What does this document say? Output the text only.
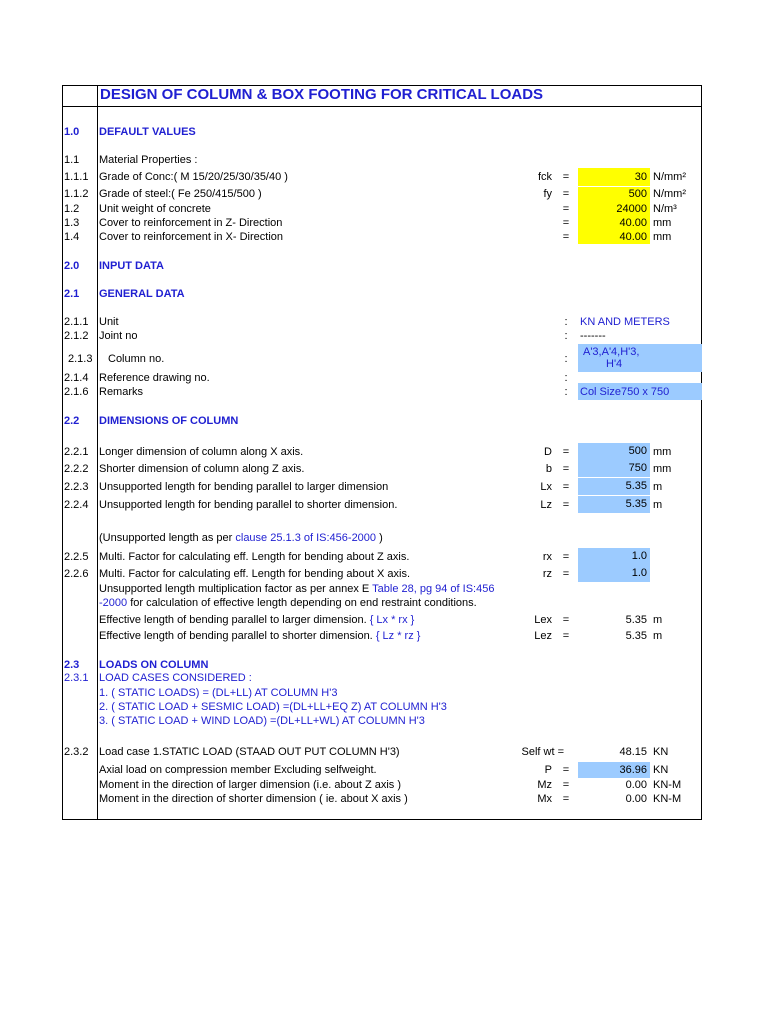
DESIGN OF COLUMN & BOX FOOTING FOR CRITICAL LOADS
1.0 DEFAULT VALUES
1.1 Material Properties :
1.1.1 Grade of Conc:( M 15/20/25/30/35/40 )	fck =	30 N/mm²
1.1.2 Grade of steel:( Fe 250/415/500 )	fy =	500 N/mm²
1.2 Unit weight of concrete	=	24000 N/m³
1.3 Cover to reinforcement in Z- Direction	=	40.00 mm
1.4 Cover to reinforcement in X- Direction	=	40.00 mm
2.0 INPUT DATA
2.1 GENERAL DATA
2.1.1 Unit	:	KN AND METERS
2.1.2 Joint no	:	-------
2.1.3 Column no.	:
A'3,A'4,H'3,
H'4
2.1.4 Reference drawing no.	:
2.1.6 Remarks	:	Col Size750 x 750
2.2 DIMENSIONS OF COLUMN
2.2.1 Longer dimension of column along X axis.	D =	500 mm
2.2.2 Shorter dimension of column along Z axis.	b =	750 mm
2.2.3 Unsupported length for bending parallel to larger dimension	Lx =	5.35 m
2.2.4 Unsupported length for bending parallel to shorter dimension.	Lz =	5.35 m
(Unsupported length as per clause 25.1.3 of IS:456-2000 )
2.2.5 Multi. Factor for calculating eff. Length for bending about Z axis.	rx =	1.0
2.2.6 Multi. Factor for calculating eff. Length for bending about X axis.	rz =	1.0
Unsupported length multiplication factor as per annex E Table 28, pg 94 of IS:456
-2000 for calculation of effective length depending on end restraint conditions.
Effective length of bending parallel to larger dimension. { Lx * rx }	Lex =	5.35 m
Effective length of bending parallel to shorter dimension. { Lz * rz }	Lez =	5.35 m
2.3 LOADS ON COLUMN
2.3.1 LOAD CASES CONSIDERED :
1. ( STATIC LOADS) = (DL+LL) AT COLUMN H'3
2. ( STATIC LOAD + SESMIC LOAD) =(DL+LL+EQ Z) AT COLUMN H'3
3. ( STATIC LOAD + WIND LOAD) =(DL+LL+WL) AT COLUMN H'3
2.3.2 Load case 1.STATIC LOAD (STAAD OUT PUT COLUMN H'3)	Self wt =	48.15 KN
Axial load on compression member Excluding selfweight.	P =	36.96 KN
Moment in the direction of larger dimension (i.e. about Z axis )	Mz =	0.00 KN-M
Moment in the direction of shorter dimension ( ie. about X axis )	Mx =	0.00 KN-M
